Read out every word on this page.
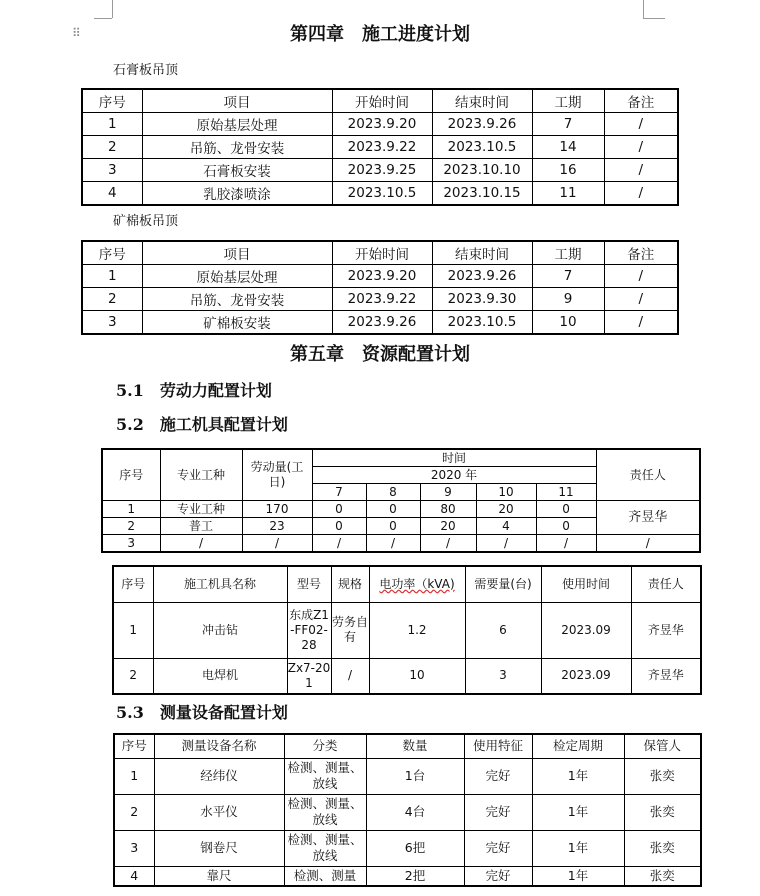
⠿	第四章　施工进度计划
石膏板吊顶
序号	项目	开始时间	结束时间	工期	备注
1	原始基层处理	2023.9.20	2023.9.26	7	/
2	吊筋、龙骨安装	2023.9.22	2023.10.5	14	/
3	石膏板安装	2023.9.25	2023.10.10	16	/
4	乳胶漆喷涂	2023.10.5	2023.10.15	11	/
矿棉板吊顶
序号	项目	开始时间	结束时间	工期	备注
1	原始基层处理	2023.9.20	2023.9.26	7	/
2	吊筋、龙骨安装	2023.9.22	2023.9.30	9	/
3	矿棉板安装	2023.9.26	2023.10.5	10	/
第五章　资源配置计划
5.1　劳动力配置计划
5.2　施工机具配置计划
序号	专业工种	劳动量(工日)	时间					责任人
			2020 年					
			7	8	9	10	11	
1	专业工种	170	0	0	80	20	0	齐昱华
2	普工	23	0	0	20	4	0	
3	/	/	/	/	/	/	/	/
序号	施工机具名称	型号	规格	电功率（kVA)	需要量(台)	使用时间	责任人
1	冲击钻	东成Z1-FF02-28	劳务自有	1.2	6	2023.09	齐昱华
2	电焊机	Zx7-201	/	10	3	2023.09	齐昱华
5.3　测量设备配置计划
序号	测量设备名称	分类	数量	使用特征	检定周期	保管人
1	经纬仪	检测、测量、放线	1台	完好	1年	张奕
2	水平仪	检测、测量、放线	4台	完好	1年	张奕
3	钢卷尺	检测、测量、放线	6把	完好	1年	张奕
4	靠尺	检测、测量	2把	完好	1年	张奕
